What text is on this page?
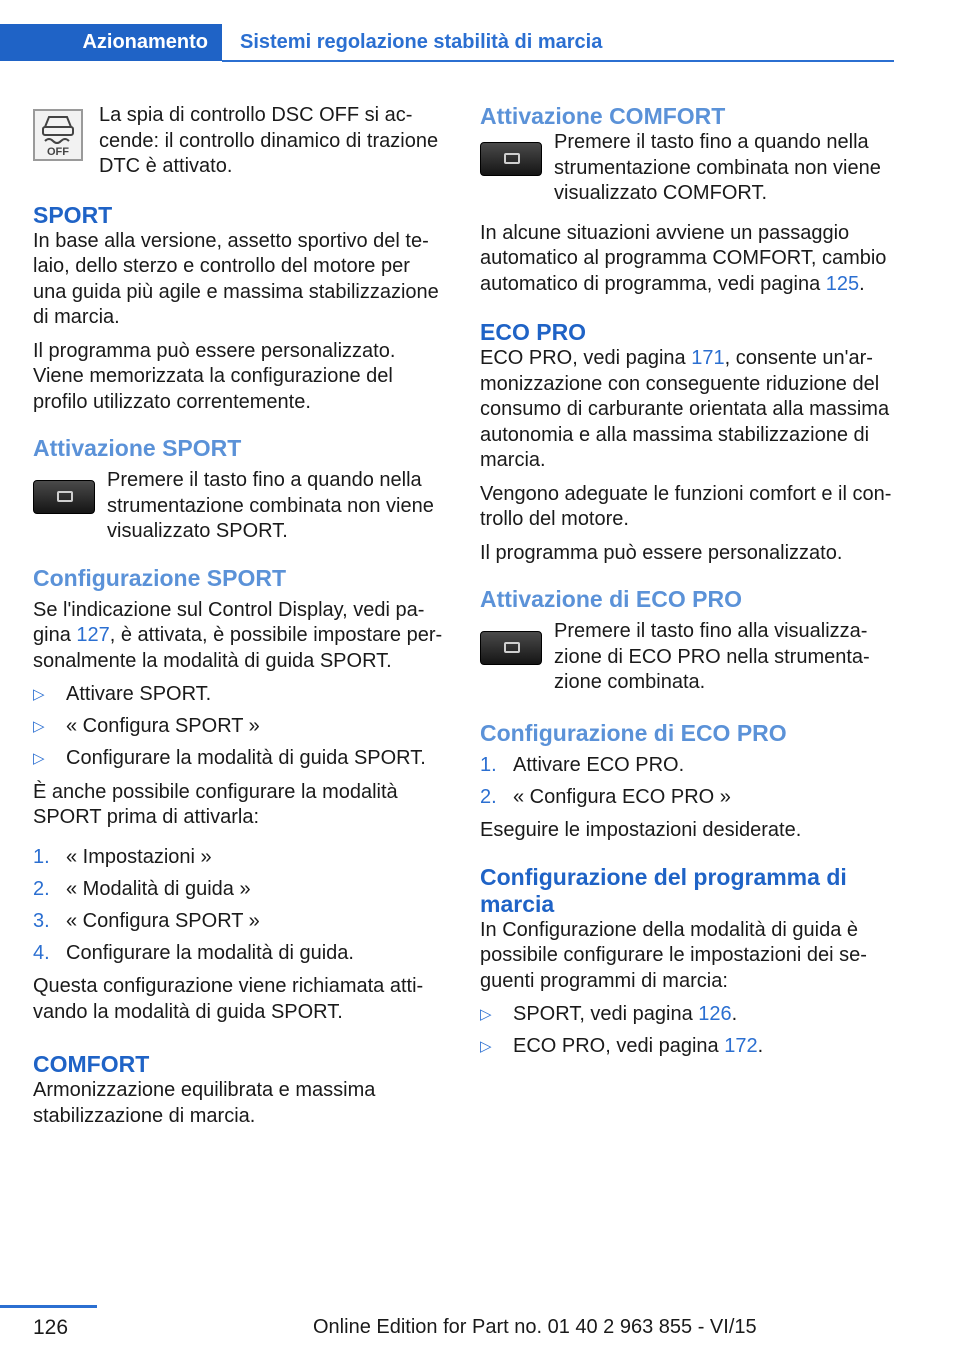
Azionamento	Sistemi regolazione stabilità di marcia
OFF
La spia di controllo DSC OFF si accende: il controllo dinamico di trazione DTC è attivato.
SPORT

In base alla versione, assetto sportivo del telaio, dello sterzo e controllo del motore per una guida più agile e massima stabilizzazione di marcia.

Il programma può essere personalizzato. Viene memorizzata la configurazione del profilo utilizzato correntemente.

Attivazione SPORT
Premere il tasto fino a quando nella strumentazione combinata non viene visualizzato SPORT.
Configurazione SPORT

Se l'indicazione sul Control Display, vedi pagina 127, è attivata, è possibile impostare personalmente la modalità di guida SPORT.

▷ Attivare SPORT.
▷ « Configura SPORT »
▷ Configurare la modalità di guida SPORT.

È anche possibile configurare la modalità SPORT prima di attivarla:

1. « Impostazioni »
2. « Modalità di guida »
3. « Configura SPORT »
4. Configurare la modalità di guida.

Questa configurazione viene richiamata attivando la modalità di guida SPORT.

COMFORT

Armonizzazione equilibrata e massima stabilizzazione di marcia.

Attivazione COMFORT
Premere il tasto fino a quando nella strumentazione combinata non viene visualizzato COMFORT.

In alcune situazioni avviene un passaggio automatico al programma COMFORT, cambio automatico di programma, vedi pagina 125.

ECO PRO

ECO PRO, vedi pagina 171, consente un'armonizzazione con conseguente riduzione del consumo di carburante orientata alla massima autonomia e alla massima stabilizzazione di marcia.

Vengono adeguate le funzioni comfort e il controllo del motore.

Il programma può essere personalizzato.

Attivazione di ECO PRO
Premere il tasto fino alla visualizzazione di ECO PRO nella strumentazione combinata.
Configurazione di ECO PRO
1. Attivare ECO PRO.
2. « Configura ECO PRO »

Eseguire le impostazioni desiderate.

Configurazione del programma di marcia

In Configurazione della modalità di guida è possibile configurare le impostazioni dei seguenti programmi di marcia:

▷ SPORT, vedi pagina 126.
▷ ECO PRO, vedi pagina 172.
126	Online Edition for Part no. 01 40 2 963 855 - VI/15
